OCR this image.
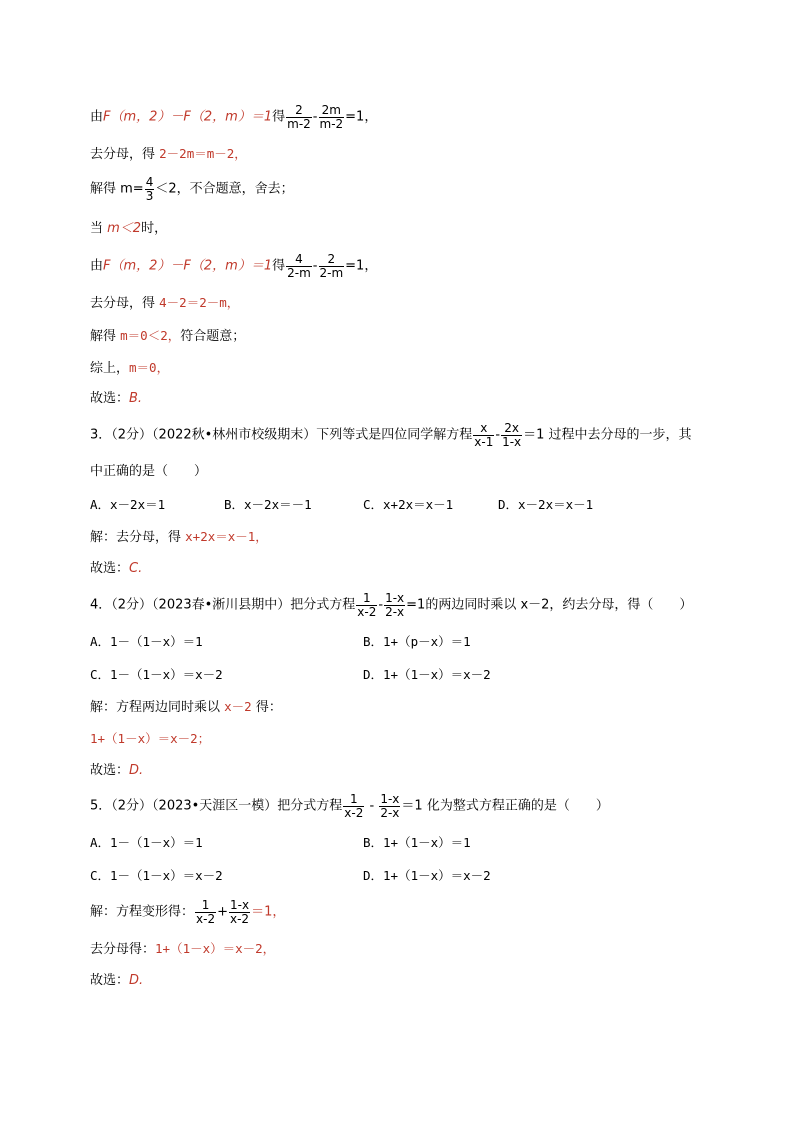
由F（m，2）－F（2，m）＝1得 $\frac{2}{m-2} - \frac{2m}{m-2} =1$，
去分母，得 2－2m＝m－2，
解得 $m= \frac{4}{3} <2$，不合题意，舍去；
当 m＜2时，
由F（m，2）－F（2，m）＝1得 $\frac{4}{2-m} - \frac{2}{2-m} =1$，
去分母，得 4－2＝2－m，
解得 m＝0＜2，符合题意；
综上，m＝0，
故选：B.
3．（2分）（2022秋•林州市校级期末）下列等式是四位同学解方程 $\frac{x}{x-1} - \frac{2x}{1-x} =1$ 过程中去分母的一步，其
中正确的是（　　）
A．x－2x＝1	B．x－2x＝－1	C．x+2x＝x－1	D．x－2x＝x－1
解：去分母，得 x+2x＝x－1，
故选：C.
4．（2分）（2023春•淅川县期中）把分式方程 $\frac{1}{x-2} - \frac{1-x}{2-x} =1$的两边同时乘以 x－2，约去分母，得（　　）
A．1－（1－x）＝1	B．1+（p－x）＝1
C．1－（1－x）＝x－2	D．1+（1－x）＝x－2
解：方程两边同时乘以 x－2 得：
1+（1－x）＝x－2；
故选：D.
5．（2分）（2023•天涯区一模）把分式方程 $\frac{1}{x-2} - \frac{1-x}{2-x} =1$ 化为整式方程正确的是（　　）
A．1－（1－x）＝1	B．1+（1－x）＝1
C．1－（1－x）＝x－2	D．1+（1－x）＝x－2
解：方程变形得： $\frac{1}{x-2} + \frac{1-x}{x-2} =1$，
去分母得：1+（1－x）＝x－2，
故选：D.
